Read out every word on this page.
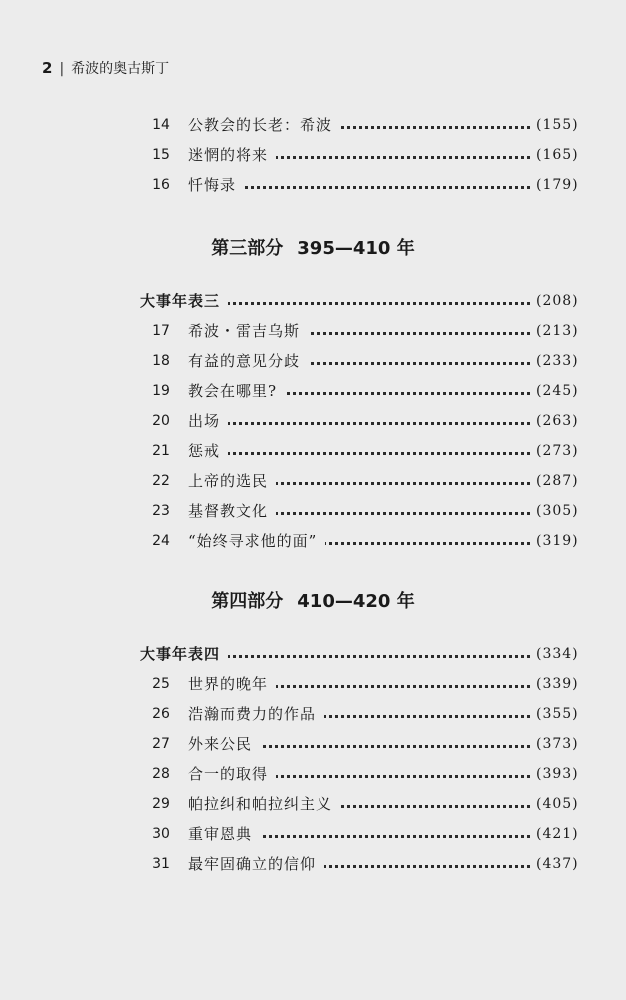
2 | 希波的奥古斯丁
14	公教会的长老：希波	(155)
15	迷惘的将来	(165)
16	忏悔录	(179)
第三部分 395—410 年
大事年表三	(208)
17	希波・雷吉乌斯	(213)
18	有益的意见分歧	(233)
19	教会在哪里?	(245)
20	出场	(263)
21	惩戒	(273)
22	上帝的选民	(287)
23	基督教文化	(305)
24	“始终寻求他的面”	(319)
第四部分 410—420 年
大事年表四	(334)
25	世界的晚年	(339)
26	浩瀚而费力的作品	(355)
27	外来公民	(373)
28	合一的取得	(393)
29	帕拉纠和帕拉纠主义	(405)
30	重审恩典	(421)
31	最牢固确立的信仰	(437)
